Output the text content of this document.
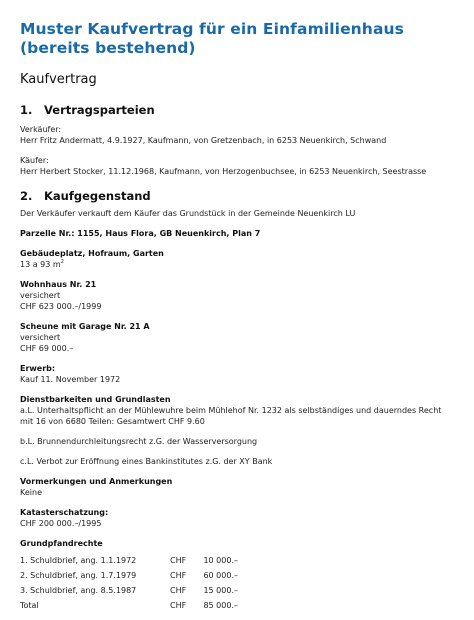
Muster Kaufvertrag für ein Einfamilienhaus
(bereits bestehend)
Kaufvertrag
1. Vertragsparteien
Verkäufer:
Herr Fritz Andermatt, 4.9.1927, Kaufmann, von Gretzenbach, in 6253 Neuenkirch, Schwand
Käufer:
Herr Herbert Stocker, 11.12.1968, Kaufmann, von Herzogenbuchsee, in 6253 Neuenkirch, Seestrasse
2. Kaufgegenstand
Der Verkäufer verkauft dem Käufer das Grundstück in der Gemeinde Neuenkirch LU
Parzelle Nr.: 1155, Haus Flora, GB Neuenkirch, Plan 7
Gebäudeplatz, Hofraum, Garten
13 a 93 $m^2$
Wohnhaus Nr. 21
versichert
CHF 623 000.–/1999
Scheune mit Garage Nr. 21 A
versichert
CHF 69 000.–
Erwerb:
Kauf 11. November 1972
Dienstbarkeiten und Grundlasten
a.L. Unterhaltspflicht an der Mühlewuhre beim Mühlehof Nr. 1232 als selbständiges und dauerndes Recht
mit 16 von 6680 Teilen: Gesamtwert CHF 9.60
b.L. Brunnendurchleitungsrecht z.G. der Wasserversorgung
c.L. Verbot zur Eröffnung eines Bankinstitutes z.G. der XY Bank
Vormerkungen und Anmerkungen
Keine
Katasterschatzung:
CHF 200 000.–/1995
Grundpfandrechte
1. Schuldbrief, ang. 1.1.1972	CHF 10 000.–
2. Schuldbrief, ang. 1.7.1979	CHF 60 000.–
3. Schuldbrief, ang. 8.5.1987	CHF 15 000.–
Total	CHF 85 000.–
